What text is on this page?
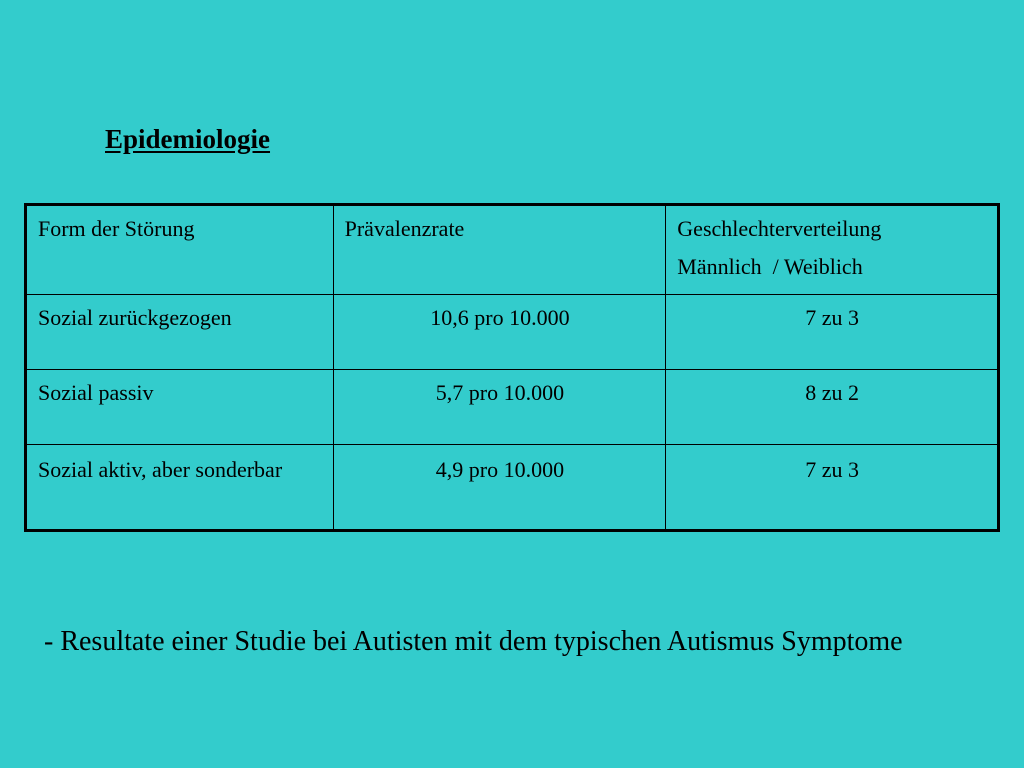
Epidemiologie
Form der Störung	Prävalenzrate	Geschlechterverteilung
Männlich  / Weiblich

Sozial zurückgezogen	10,6 pro 10.000	7 zu 3
Sozial passiv	5,7 pro 10.000	8 zu 2
Sozial aktiv, aber sonderbar	4,9 pro 10.000	7 zu 3

- Resultate einer Studie bei Autisten mit dem typischen Autismus Symptome
